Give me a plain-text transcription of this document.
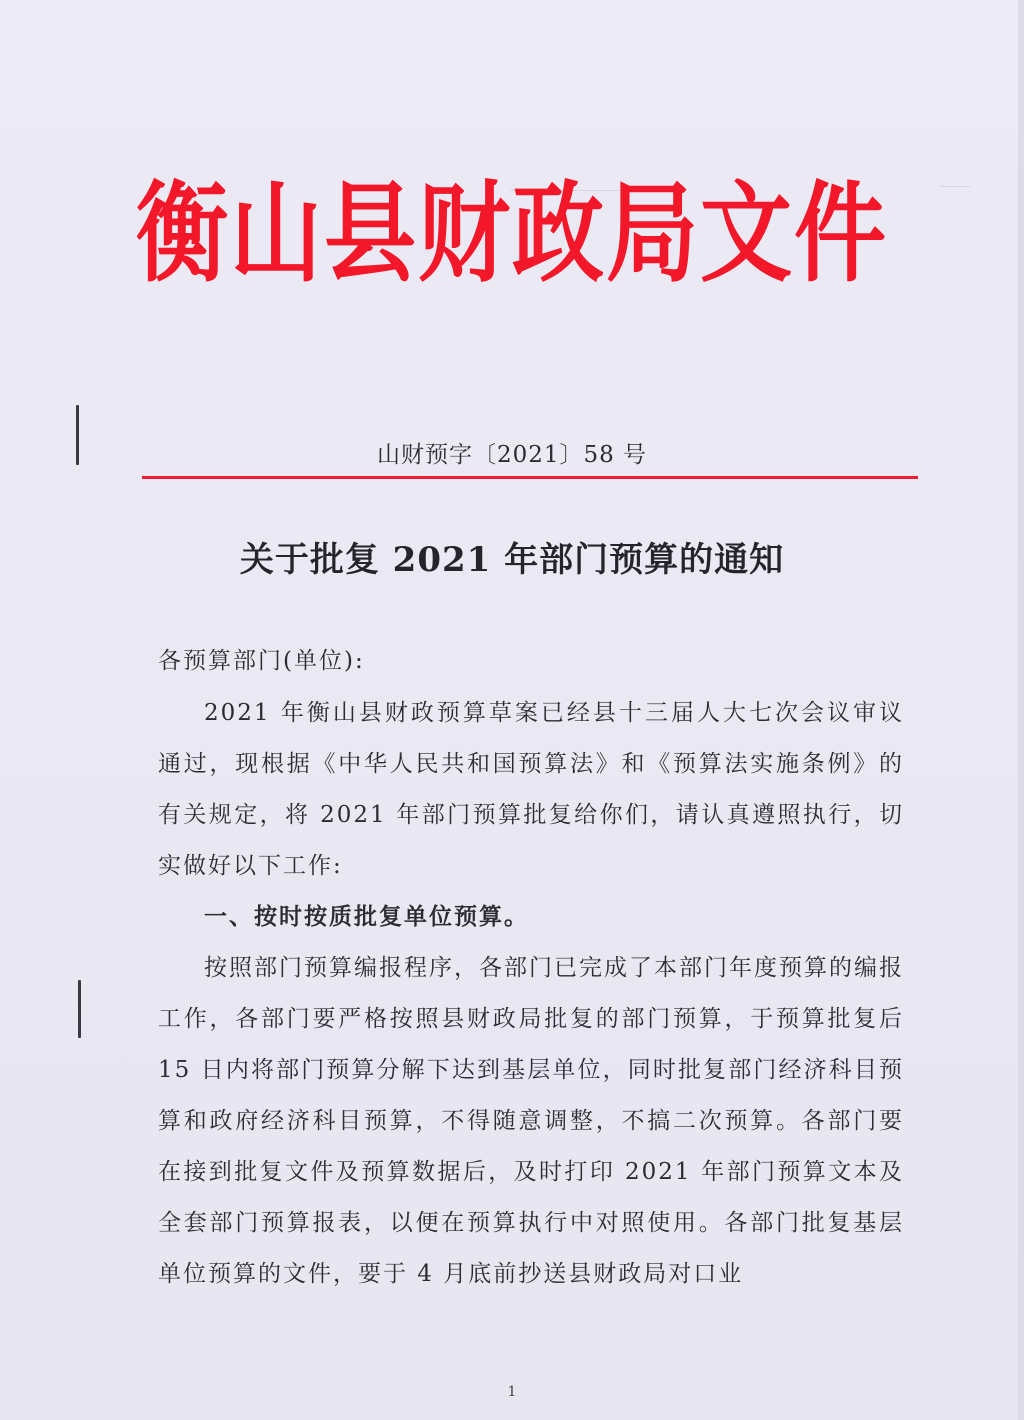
衡山县财政局文件
山财预字〔2021〕58 号
关于批复 2021 年部门预算的通知
各预算部门(单位):
2021 年衡山县财政预算草案已经县十三届人大七次会议审议通过，现根据《中华人民共和国预算法》和《预算法实施条例》的有关规定，将 2021 年部门预算批复给你们，请认真遵照执行，切实做好以下工作:
一、按时按质批复单位预算。
按照部门预算编报程序，各部门已完成了本部门年度预算的编报工作，各部门要严格按照县财政局批复的部门预算，于预算批复后 15 日内将部门预算分解下达到基层单位，同时批复部门经济科目预算和政府经济科目预算，不得随意调整，不搞二次预算。各部门要在接到批复文件及预算数据后，及时打印 2021 年部门预算文本及全套部门预算报表，以便在预算执行中对照使用。各部门批复基层单位预算的文件，要于 4 月底前抄送县财政局对口业
1
